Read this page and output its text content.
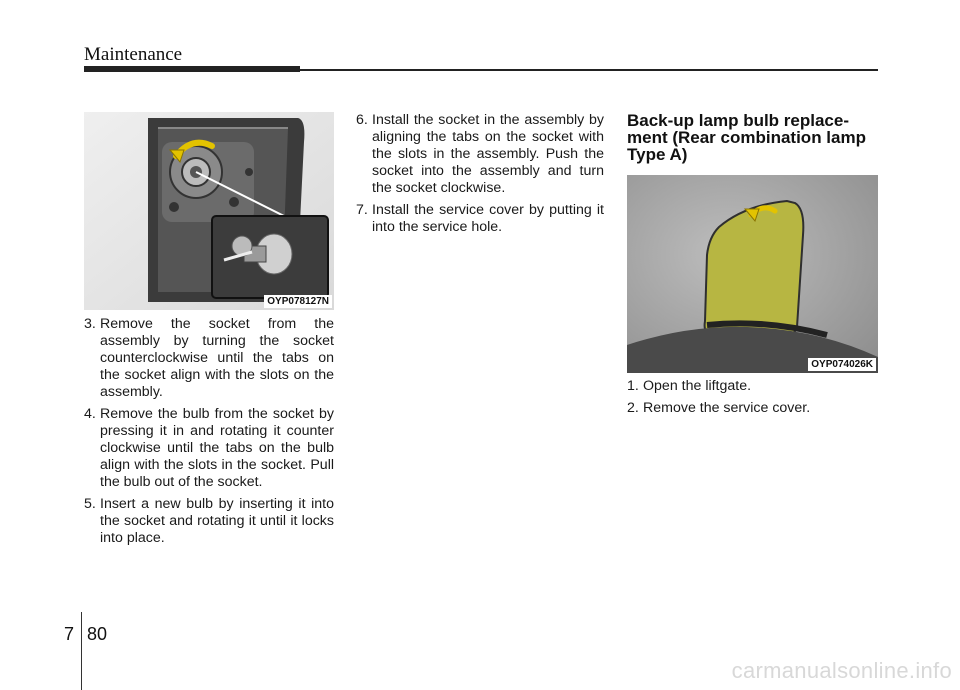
Maintenance
OYP078127N
3. Remove the socket from the assembly by turning the socket counterclockwise until the tabs on the socket align with the slots on the assembly.
4. Remove the bulb from the socket by pressing it in and rotating it counter clockwise until the tabs on the bulb align with the slots in the socket. Pull the bulb out of the socket.
5. Insert a new bulb by inserting it into the socket and rotating it until it locks into place.
6. Install the socket in the assembly by aligning the tabs on the socket with the slots in the assembly. Push the socket into the assembly and turn the socket clockwise.
7. Install the service cover by putting it into the service hole.
Back-up lamp bulb replace-ment (Rear combination lamp Type A)
OYP074026K
1. Open the liftgate.
2. Remove the service cover.
7 80
carmanualsonline.info
